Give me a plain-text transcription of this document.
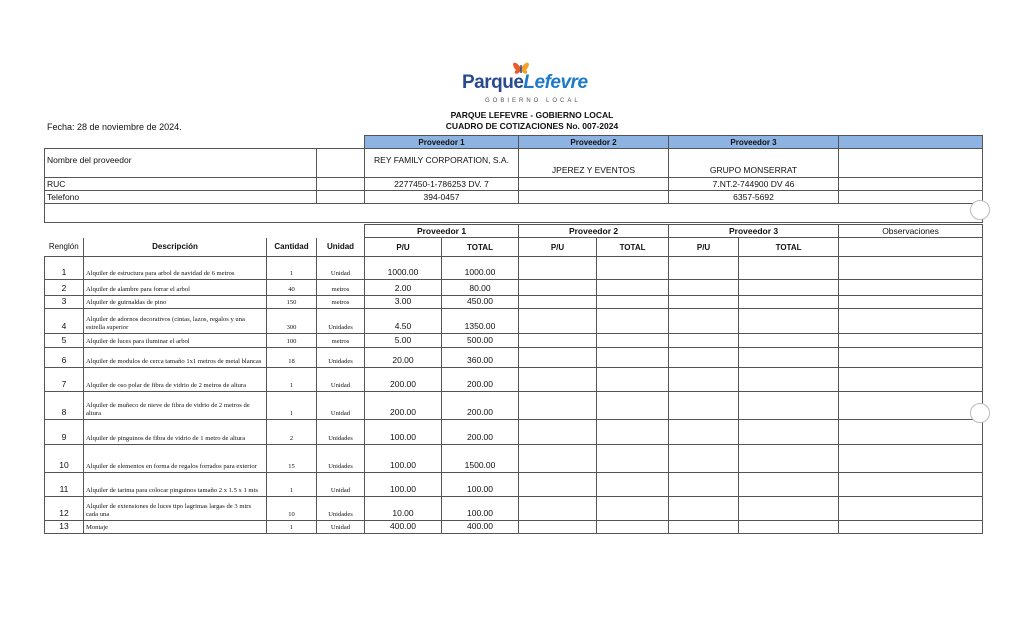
ParqueLefevre
GOBIERNO LOCAL
PARQUE LEFEVRE - GOBIERNO LOCAL
CUADRO DE COTIZACIONES No. 007-2024
Fecha: 28 de noviembre de 2024.
		Proveedor 1	Proveedor 2	Proveedor 3	
Nombre del proveedor		REY FAMILY CORPORATION, S.A.	JPEREZ Y EVENTOS	GRUPO MONSERRAT	
RUC		2277450-1-786253 DV. 7		7.NT.2-744900 DV 46	
Telefono		394-0457		6357-5692	

				Proveedor 1		Proveedor 2		Proveedor 3		Observaciones
Renglón	Descripción	Cantidad	Unidad	P/U	TOTAL	P/U	TOTAL	P/U	TOTAL	
1	Alquiler de estructura para arbol de navidad de 6 metros	1	Unidad	1000.00	1000.00					
2	Alquiler de alambre para forrar el arbol	40	metros	2.00	80.00					
3	Alquiler de guirnaldas de pino	150	metros	3.00	450.00					
4	Alquiler de adornos decorativos (cintas, lazos, regalos y una estrella superior	300	Unidades	4.50	1350.00					
5	Alquiler de luces para iluminar el arbol	100	metros	5.00	500.00					
6	Alquiler de modulos de cerca tamaño 1x1 metros de metal blancas	18	Unidades	20.00	360.00					
7	Alquiler de oso polar de fibra de vidrio de 2 metros de altura	1	Unidad	200.00	200.00					
8	Alquiler de muñeco de nieve de fibra de vidrio de 2 metros de altura	1	Unidad	200.00	200.00					
9	Alquiler de pinguinos de fibra de vidrio de 1 metro de altura	2	Unidades	100.00	200.00					
10	Alquiler de elementos en forma de regalos forrados para exterior	15	Unidades	100.00	1500.00					
11	Alquiler de tarima para colocar pinguinos tamaño 2 x 1.5 x 1 mts	1	Unidad	100.00	100.00					
12	Alquiler de extensiones de luces tipo lagrimas largas de 3 mtrs cada una	10	Unidades	10.00	100.00					
13	Montaje	1	Unidad	400.00	400.00					
